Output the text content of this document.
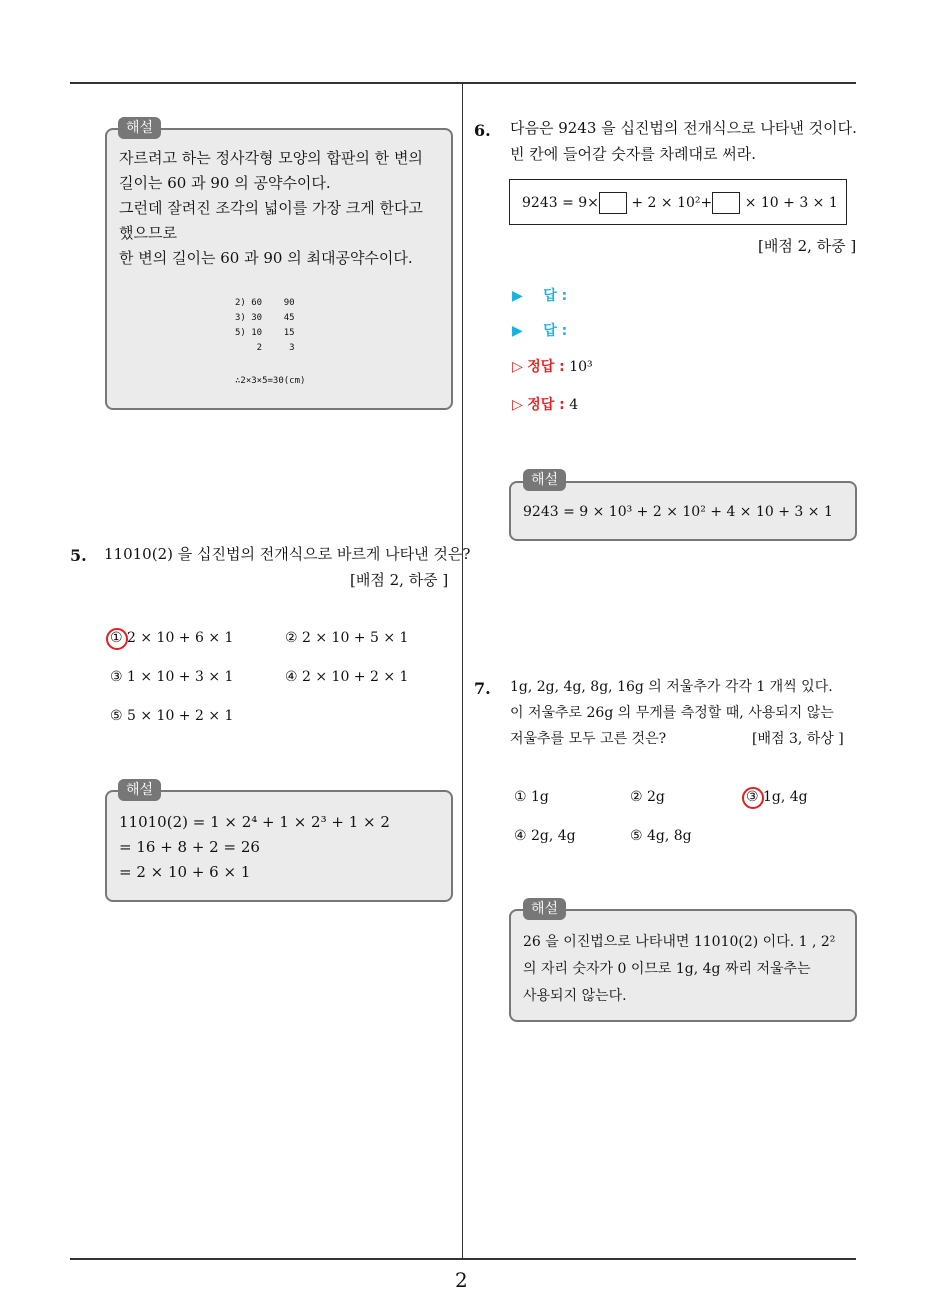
2
자르려고 하는 정사각형 모양의 합판의 한 변의
길이는 60 과 90 의 공약수이다.
그런데 잘려진 조각의 넓이를 가장 크게 한다고
했으므로
한 변의 길이는 60 과 90 의 최대공약수이다.
2) 60    90
3) 30    45
5) 10    15
2     3
∴2×3×5=30(cm)
해설
5. 11010(2) 을 십진법의 전개식으로 바르게 나타낸 것은?
[배점 2, 하중 ]
① 2 × 10 + 6 × 1	② 2 × 10 + 5 × 1
③ 1 × 10 + 3 × 1	④ 2 × 10 + 2 × 1
⑤ 5 × 10 + 2 × 1
11010(2) = 1 × 2⁴ + 1 × 2³ + 1 × 2
= 16 + 8 + 2 = 26
= 2 × 10 + 6 × 1
해설
6. 다음은 9243 을 십진법의 전개식으로 나타낸 것이다.
빈 칸에 들어갈 숫자를 차례대로 써라.
9243 = 9× + 2 × 10²+ × 10 + 3 × 1
[배점 2, 하중 ]
▶ 답 :
▶ 답 :
▷ 정답 : 10³
▷ 정답 : 4
9243 = 9 × 10³ + 2 × 10² + 4 × 10 + 3 × 1
해설
7. 1g, 2g, 4g, 8g, 16g 의 저울추가 각각 1 개씩 있다.
이 저울추로 26g 의 무게를 측정할 때, 사용되지 않는
저울추를 모두 고른 것은?	[배점 3, 하상 ]
① 1g	② 2g	③ 1g, 4g
④ 2g, 4g	⑤ 4g, 8g
26 을 이진법으로 나타내면 11010(2) 이다. 1 , 2²
의 자리 숫자가 0 이므로 1g, 4g 짜리 저울추는
사용되지 않는다.
해설
